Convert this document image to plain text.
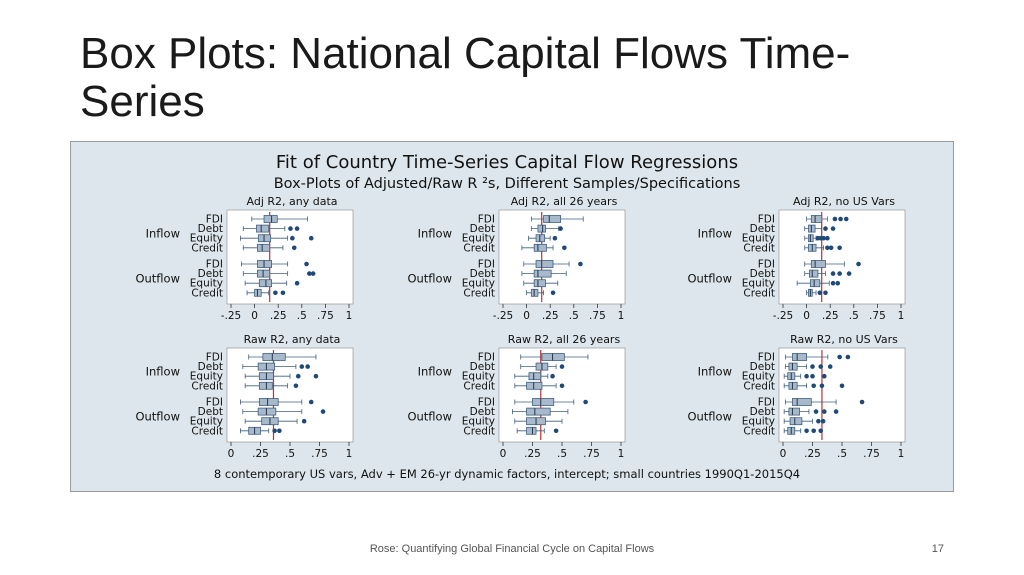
Box Plots: National Capital Flows Time-Series
Fit of Country Time-Series Capital Flow Regressions
Box-Plots of Adjusted/Raw R ²s, Different Samples/Specifications
8 contemporary US vars, Adv + EM 26-yr dynamic factors, intercept; small countries 1990Q1-2015Q4
Adj R2, any data
-.25 0 .25 .5 .75 1
Inflow
FDI
Debt
Equity
Credit
Outflow
FDI
Debt
Equity
Credit
Adj R2, all 26 years
-.25 0 .25 .5 .75 1
Inflow
FDI
Debt
Equity
Credit
Outflow
FDI
Debt
Equity
Credit
Adj R2, no US Vars
-.25 0 .25 .5 .75 1
Inflow
FDI
Debt
Equity
Credit
Outflow
FDI
Debt
Equity
Credit
Raw R2, any data
0 .25 .5 .75 1
Inflow
FDI
Debt
Equity
Credit
Outflow
FDI
Debt
Equity
Credit
Raw R2, all 26 years
0 .25 .5 .75 1
Inflow
FDI
Debt
Equity
Credit
Outflow
FDI
Debt
Equity
Credit
Raw R2, no US Vars
0 .25 .5 .75 1
Inflow
FDI
Debt
Equity
Credit
Outflow
FDI
Debt
Equity
Credit
Rose: Quantifying Global Financial Cycle on Capital Flows	17
